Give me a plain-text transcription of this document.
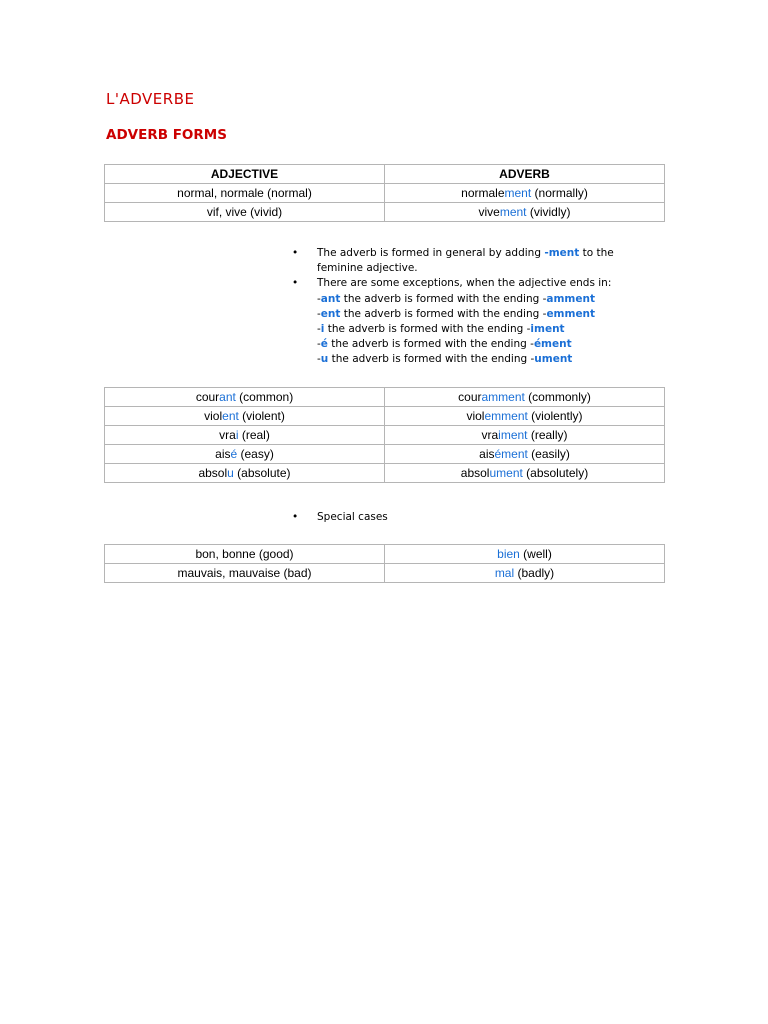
L'ADVERBE
ADVERB FORMS
ADJECTIVE	ADVERB
normal, normale (normal)	normalement (normally)
vif, vive (vivid)	vivement (vividly)
• The adverb is formed in general by adding -ment to the feminine adjective.
• There are some exceptions, when the adjective ends in:
-ant the adverb is formed with the ending -amment
-ent the adverb is formed with the ending -emment
-i the adverb is formed with the ending -iment
-é the adverb is formed with the ending -ément
-u the adverb is formed with the ending -ument
courant (common)	couramment (commonly)
violent (violent)	violemment (violently)
vrai (real)	vraiment (really)
aisé (easy)	aisément (easily)
absolu (absolute)	absolument (absolutely)
• Special cases
bon, bonne (good)	bien (well)
mauvais, mauvaise (bad)	mal (badly)
